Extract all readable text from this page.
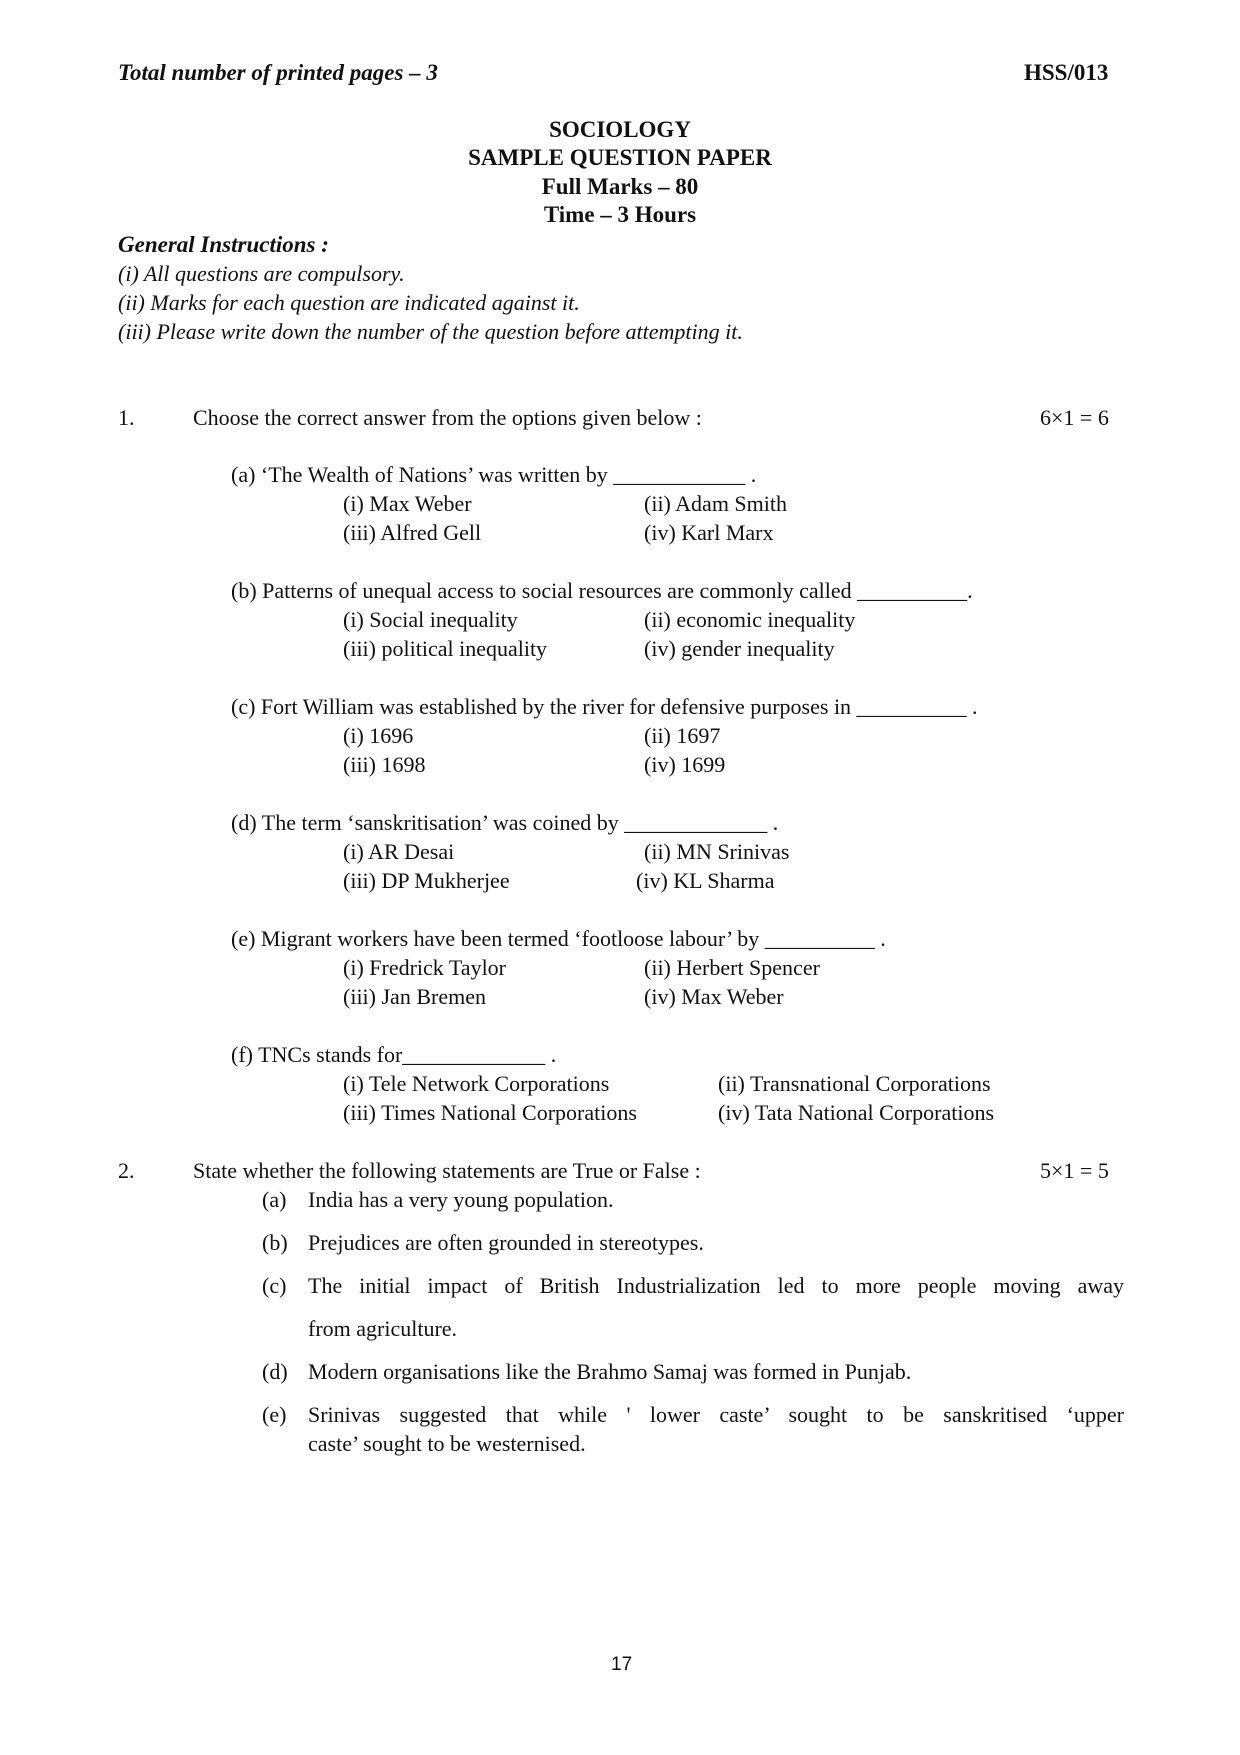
Total number of printed pages – 3	HSS/013
SOCIOLOGY
SAMPLE QUESTION PAPER
Full Marks – 80
Time – 3 Hours
General Instructions :
(i) All questions are compulsory.
(ii) Marks for each question are indicated against it.
(iii) Please write down the number of the question before attempting it.
1.	Choose the correct answer from the options given below :	6×1 = 6
(a) ‘The Wealth of Nations’ was written by ____________ .
(i) Max Weber	(ii) Adam Smith
(iii) Alfred Gell	(iv) Karl Marx
(b) Patterns of unequal access to social resources are commonly called __________.
(i) Social inequality	(ii) economic inequality
(iii) political inequality	(iv) gender inequality
(c) Fort William was established by the river for defensive purposes in __________ .
(i) 1696	(ii) 1697
(iii) 1698	(iv) 1699
(d) The term ‘sanskritisation’ was coined by _____________ .
(i) AR Desai	(ii) MN Srinivas
(iii) DP Mukherjee	(iv) KL Sharma
(e) Migrant workers have been termed ‘footloose labour’ by __________ .
(i) Fredrick Taylor	(ii) Herbert Spencer
(iii) Jan Bremen	(iv) Max Weber
(f) TNCs stands for_____________ .
(i) Tele Network Corporations	(ii) Transnational Corporations
(iii) Times National Corporations	(iv) Tata National Corporations
2.	State whether the following statements are True or False :	5×1 = 5
(a) India has a very young population.
(b) Prejudices are often grounded in stereotypes.
(c) The initial impact of British Industrialization led to more people moving away
from agriculture.
(d) Modern organisations like the Brahmo Samaj was formed in Punjab.
(e) Srinivas suggested that while ' lower caste’ sought to be sanskritised ‘upper
caste’ sought to be westernised.
17
